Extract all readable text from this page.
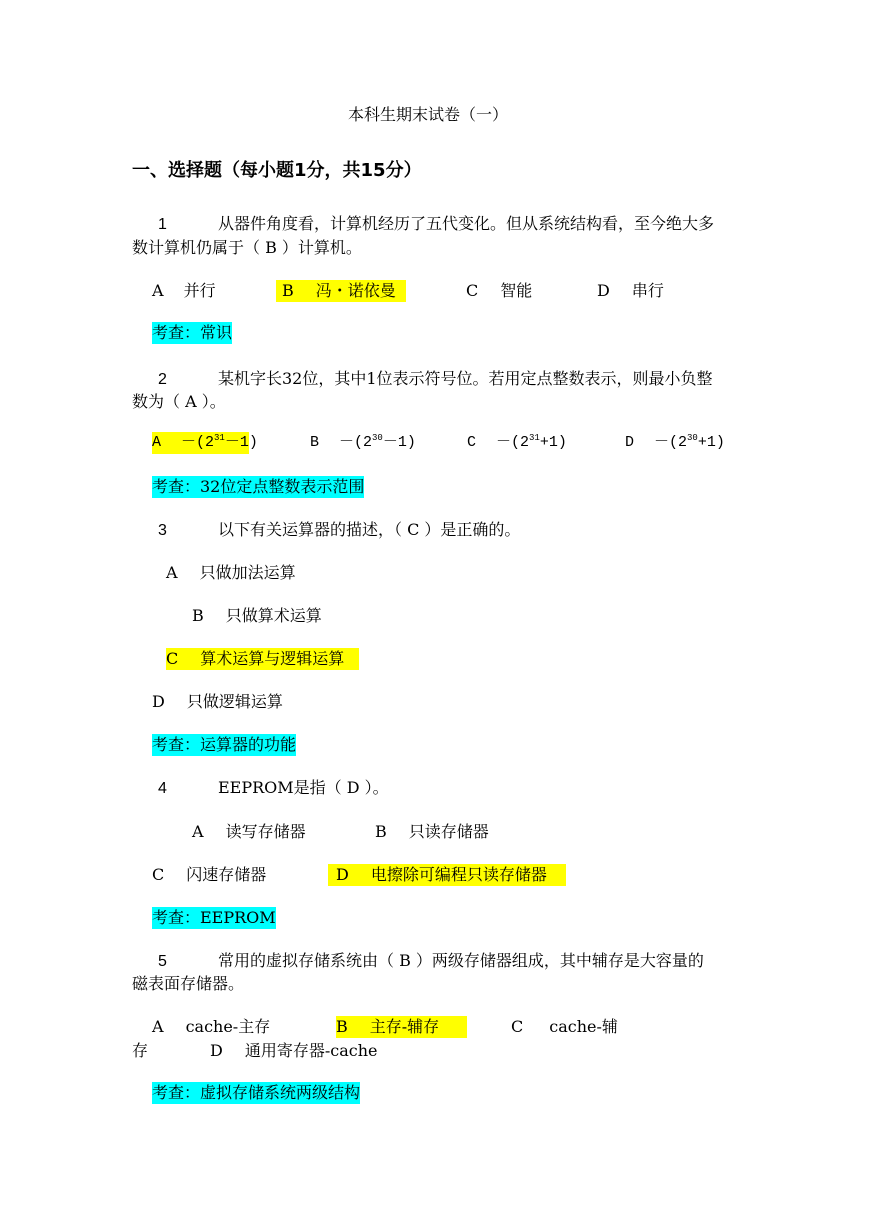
本科生期末试卷（一）
一、选择题（每小题1分，共15分）
1	从器件角度看，计算机经历了五代变化。但从系统结构看，至今绝大多
数计算机仍属于（ B ）计算机。
A 并行	B 冯・诺依曼	C 智能	D 串行
考查：常识
2	某机字长32位，其中1位表示符号位。若用定点整数表示，则最小负整
数为（ A ）。
$A -(2^{31}-1)$	$B -(2^{30}-1)$	$C -(2^{31}+1)$	$D -(2^{30}+1)$
考查：32位定点整数表示范围
3	以下有关运算器的描述，（ C ）是正确的。
A 只做加法运算
B 只做算术运算
C 算术运算与逻辑运算
D 只做逻辑运算
考查：运算器的功能
4	EEPROM是指（ D ）。
A 读写存储器	B 只读存储器
C 闪速存储器	D 电擦除可编程只读存储器
考查：EEPROM
5	常用的虚拟存储系统由（ B ）两级存储器组成，其中辅存是大容量的
磁表面存储器。
A cache-主存	B 主存-辅存	C cache-辅
存	D 通用寄存器-cache
考查：虚拟存储系统两级结构
